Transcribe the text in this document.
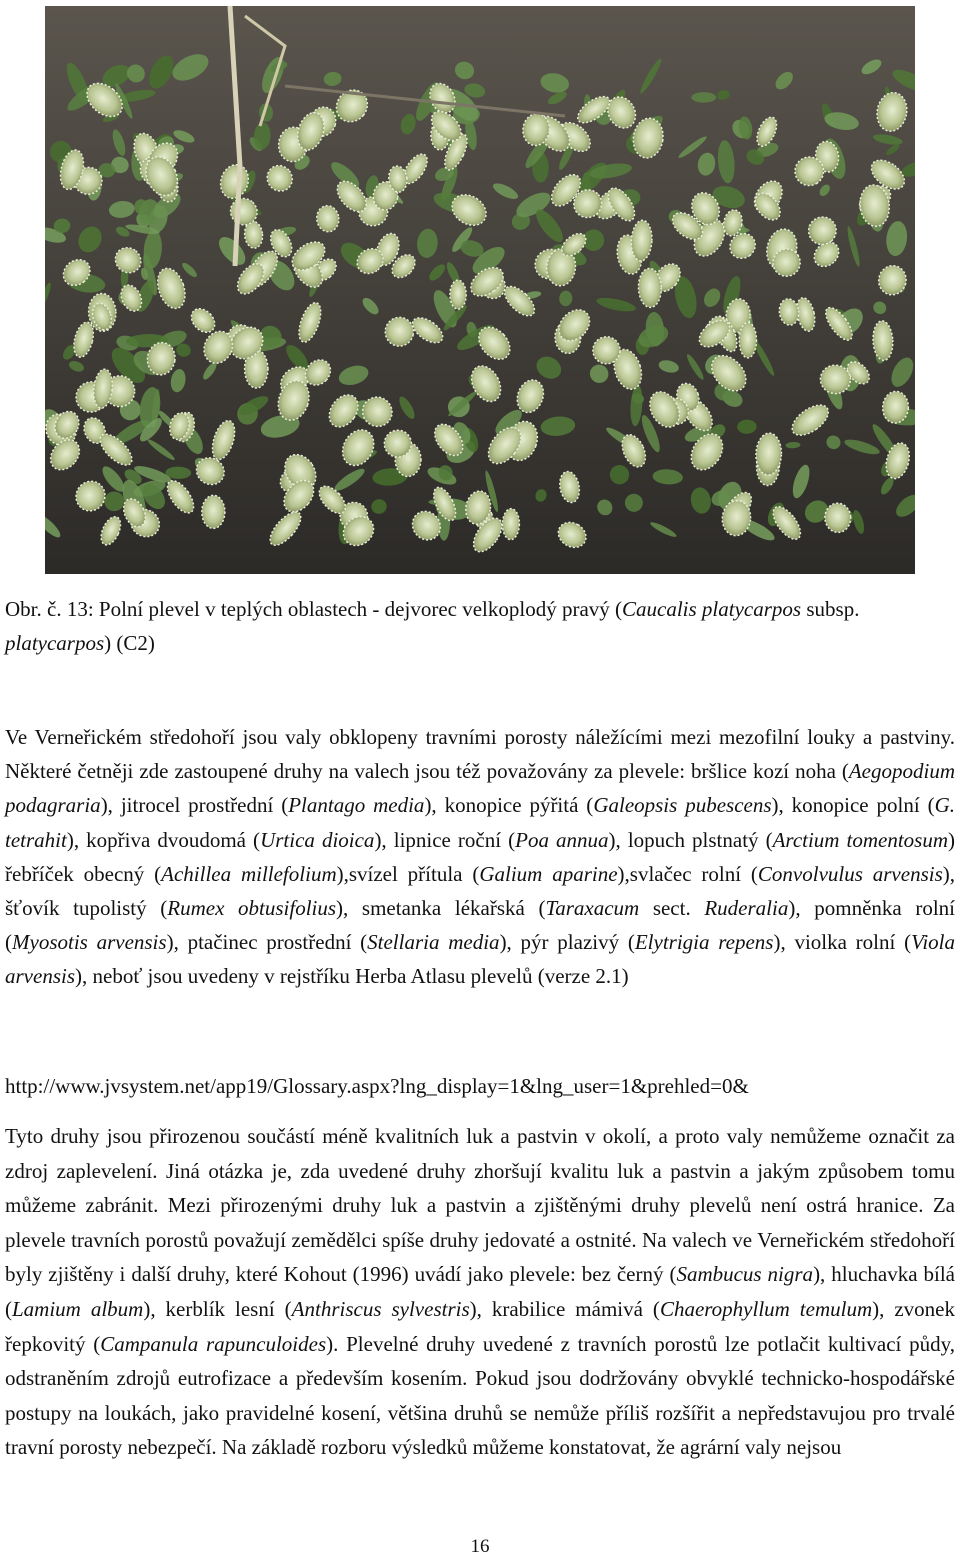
Obr. č. 13: Polní plevel v teplých oblastech - dejvorec velkoplodý pravý (Caucalis platycarpos subsp. platycarpos) (C2)
Ve Verneřickém středohoří jsou valy obklopeny travními porosty náležícími mezi mezofilní louky a pastviny. Některé četněji zde zastoupené druhy na valech jsou též považovány za plevele: bršlice kozí noha (Aegopodium podagraria), jitrocel prostřední (Plantago media), konopice pýřitá (Galeopsis pubescens), konopice polní (G. tetrahit), kopřiva dvoudomá (Urtica dioica), lipnice roční (Poa annua), lopuch plstnatý (Arctium tomentosum) řebříček obecný (Achillea millefolium),svízel přítula (Galium aparine),svlačec rolní (Convolvulus arvensis), šťovík tupolistý (Rumex obtusifolius), smetanka lékařská (Taraxacum sect. Ruderalia), pomněnka rolní (Myosotis arvensis), ptačinec prostřední (Stellaria media), pýr plazivý (Elytrigia repens), violka rolní (Viola arvensis), neboť jsou uvedeny v rejstříku Herba Atlasu plevelů (verze 2.1)
http://www.jvsystem.net/app19/Glossary.aspx?lng_display=1&lng_user=1&prehled=0&
Tyto druhy jsou přirozenou součástí méně kvalitních luk a pastvin v okolí, a proto valy nemůžeme označit za zdroj zaplevelení. Jiná otázka je, zda uvedené druhy zhoršují kvalitu luk a pastvin a jakým způsobem tomu můžeme zabránit. Mezi přirozenými druhy luk a pastvin a zjištěnými druhy plevelů není ostrá hranice. Za plevele travních porostů považují zemědělci spíše druhy jedovaté a ostnité. Na valech ve Verneřickém středohoří byly zjištěny i další druhy, které Kohout (1996) uvádí jako plevele: bez černý (Sambucus nigra), hluchavka bílá (Lamium album), kerblík lesní (Anthriscus sylvestris), krabilice mámivá (Chaerophyllum temulum), zvonek řepkovitý (Campanula rapunculoides). Plevelné druhy uvedené z travních porostů lze potlačit kultivací půdy, odstraněním zdrojů eutrofizace a především kosením. Pokud jsou dodržovány obvyklé technicko-hospodářské postupy na loukách, jako pravidelné kosení, většina druhů se nemůže příliš rozšířit a nepředstavujou pro trvalé travní porosty nebezpečí. Na základě rozboru výsledků můžeme konstatovat, že agrární valy nejsou
16
